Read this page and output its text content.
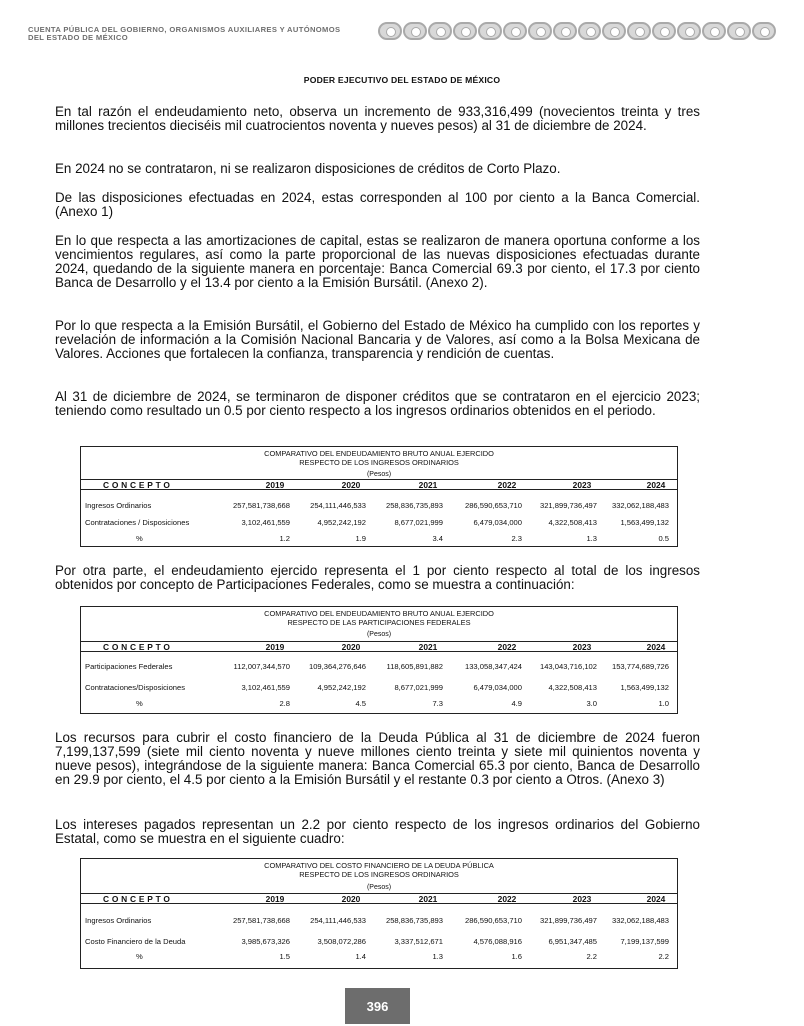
CUENTA PÚBLICA DEL GOBIERNO, ORGANISMOS AUXILIARES Y AUTÓNOMOS
DEL ESTADO DE MÉXICO
PODER EJECUTIVO DEL ESTADO DE MÉXICO

En tal razón el endeudamiento neto, observa un incremento de 933,316,499 (novecientos treinta y tres millones trecientos dieciséis mil cuatrocientos noventa y nueves pesos) al 31 de diciembre de 2024.

En 2024 no se contrataron, ni se realizaron disposiciones de créditos de Corto Plazo.

De las disposiciones efectuadas en 2024, estas corresponden al 100 por ciento a la Banca Comercial. (Anexo 1)

En lo que respecta a las amortizaciones de capital, estas se realizaron de manera oportuna conforme a los vencimientos regulares, así como la parte proporcional de las nuevas disposiciones efectuadas durante 2024, quedando de la siguiente manera en porcentaje: Banca Comercial 69.3 por ciento, el 17.3 por ciento Banca de Desarrollo y el 13.4 por ciento a la Emisión Bursátil. (Anexo 2).

Por lo que respecta a la Emisión Bursátil, el Gobierno del Estado de México ha cumplido con los reportes y revelación de información a la Comisión Nacional Bancaria y de Valores, así como a la Bolsa Mexicana de Valores. Acciones que fortalecen la confianza, transparencia y rendición de cuentas.

Al 31 de diciembre de 2024, se terminaron de disponer créditos que se contrataron en el ejercicio 2023; teniendo como resultado un 0.5 por ciento respecto a los ingresos ordinarios obtenidos en el periodo.

Por otra parte, el endeudamiento ejercido representa el 1 por ciento respecto al total de los ingresos obtenidos por concepto de Participaciones Federales, como se muestra a continuación:

Los recursos para cubrir el costo financiero de la Deuda Pública al 31 de diciembre de 2024 fueron 7,199,137,599 (siete mil ciento noventa y nueve millones ciento treinta y siete mil quinientos noventa y nueve pesos), integrándose de la siguiente manera: Banca Comercial 65.3 por ciento, Banca de Desarrollo en 29.9 por ciento, el 4.5 por ciento a la Emisión Bursátil y el restante 0.3 por ciento a Otros. (Anexo 3)

Los intereses pagados representan un 2.2 por ciento respecto de los ingresos ordinarios del Gobierno Estatal, como se muestra en el siguiente cuadro:

COMPARATIVO DEL ENDEUDAMIENTO BRUTO ANUAL EJERCIDO
RESPECTO DE LOS INGRESOS ORDINARIOS
(Pesos)
CONCEPTO	2019	2020	2021	2022	2023	2024
Ingresos Ordinarios	257,581,738,668	254,111,446,533	258,836,735,893	286,590,653,710 321,899,736,497 332,062,188,483
Contrataciones / Disposiciones	3,102,461,559	4,952,242,192	8,677,021,999	6,479,034,000	4,322,508,413	1,563,499,132
%	1.2	1.9	3.4	2.3	1.3	0.5
COMPARATIVO DEL ENDEUDAMIENTO BRUTO ANUAL EJERCIDO
RESPECTO DE LAS PARTICIPACIONES FEDERALES
(Pesos)
CONCEPTO	2019	2020	2021	2022	2023	2024
Participaciones Federales	112,007,344,570 109,364,276,646	118,605,891,882	133,058,347,424 143,043,716,102 153,774,689,726
Contrataciones/Disposiciones	3,102,461,559	4,952,242,192	8,677,021,999	6,479,034,000	4,322,508,413	1,563,499,132
%	2.8	4.5	7.3	4.9	3.0	1.0
COMPARATIVO DEL COSTO FINANCIERO DE LA DEUDA PÚBLICA
RESPECTO DE LOS INGRESOS ORDINARIOS
(Pesos)
CONCEPTO	2019	2020	2021	2022	2023	2024
Ingresos Ordinarios	257,581,738,668	254,111,446,533	258,836,735,893	286,590,653,710 321,899,736,497 332,062,188,483
Costo Financiero de la Deuda	3,985,673,326	3,508,072,286	3,337,512,671	4,576,088,916	6,951,347,485	7,199,137,599
%	1.5	1.4	1.3	1.6	2.2	2.2
396
